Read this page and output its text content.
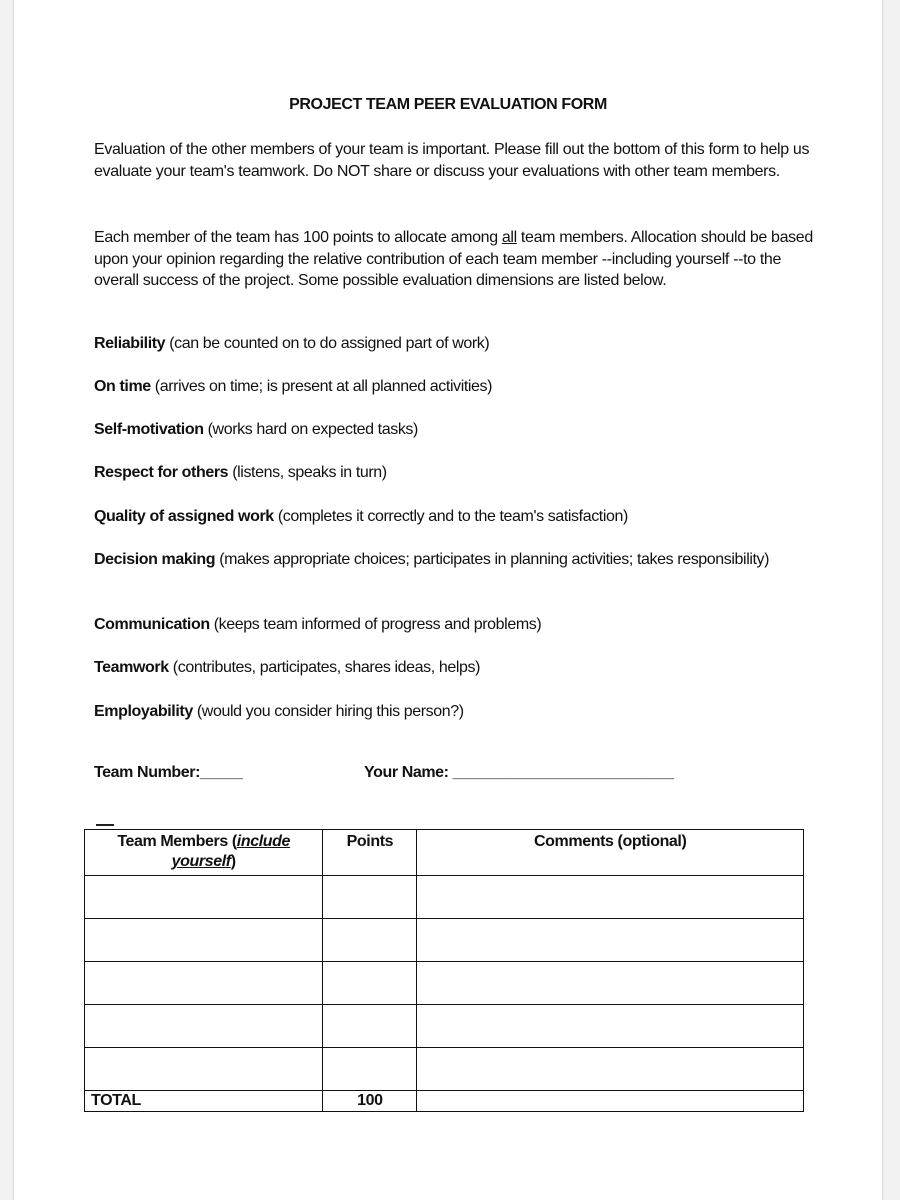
PROJECT TEAM PEER EVALUATION FORM

Evaluation of the other members of your team is important. Please fill out the bottom of this form to help us evaluate your team's teamwork. Do NOT share or discuss your evaluations with other team members.

Each member of the team has 100 points to allocate among all team members. Allocation should be based upon your opinion regarding the relative contribution of each team member --including yourself --to the overall success of the project. Some possible evaluation dimensions are listed below.

Reliability (can be counted on to do assigned part of work)

On time (arrives on time; is present at all planned activities)

Self-motivation (works hard on expected tasks)

Respect for others (listens, speaks in turn)

Quality of assigned work (completes it correctly and to the team's satisfaction)

Decision making (makes appropriate choices; participates in planning activities; takes responsibility)

Communication (keeps team informed of progress and problems)

Teamwork (contributes, participates, shares ideas, helps)

Employability (would you consider hiring this person?)

Team Number:_____	Your Name: __________________________
Team Members (include yourself)	Points	Comments (optional)

TOTAL	100	
